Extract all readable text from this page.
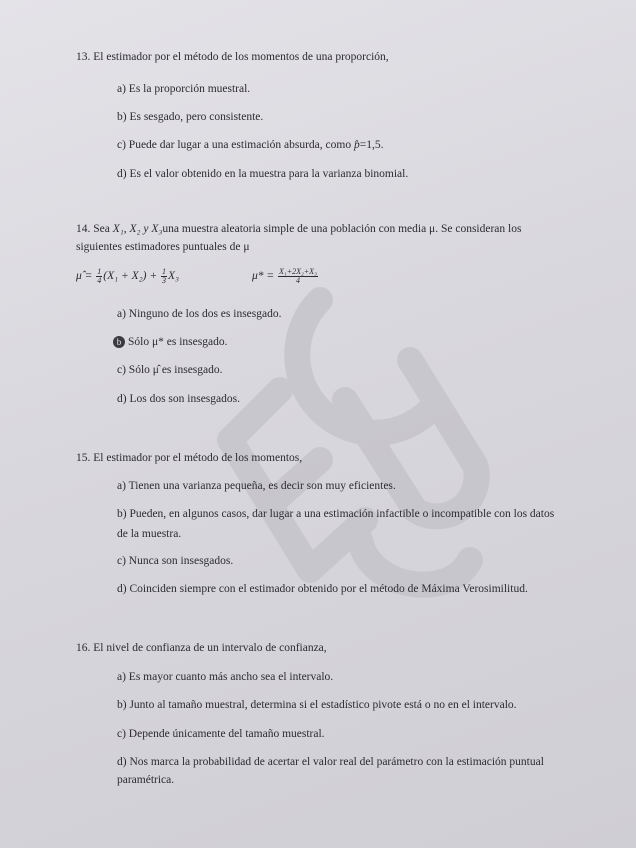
13. El estimador por el método de los momentos de una proporción,
a) Es la proporción muestral.
b) Es sesgado, pero consistente.
c) Puede dar lugar a una estimación absurda, como p̂=1,5.
d) Es el valor obtenido en la muestra para la varianza binomial.
14. Sea X₁, X₂ y X₃una muestra aleatoria simple de una población con media μ. Se consideran los
siguientes estimadores puntuales de μ
μ̂ = $\frac{1}{4} (X_1 + X_2) + \frac{1}{3} X_3$	$\mu* = \frac{\text{X₁+2X₂+X₃}}{4}$
a) Ninguno de los dos es insesgado.
b Sólo μ* es insesgado.
c) Sólo μ̂ es insesgado.
d) Los dos son insesgados.
15. El estimador por el método de los momentos,
a) Tienen una varianza pequeña, es decir son muy eficientes.
b) Pueden, en algunos casos, dar lugar a una estimación infactible o incompatible con los datos
de la muestra.
c) Nunca son insesgados.
d) Coinciden siempre con el estimador obtenido por el método de Máxima Verosimilitud.
16. El nivel de confianza de un intervalo de confianza,
a) Es mayor cuanto más ancho sea el intervalo.
b) Junto al tamaño muestral, determina si el estadístico pivote está o no en el intervalo.
c) Depende únicamente del tamaño muestral.
d) Nos marca la probabilidad de acertar el valor real del parámetro con la estimación puntual
paramétrica.
